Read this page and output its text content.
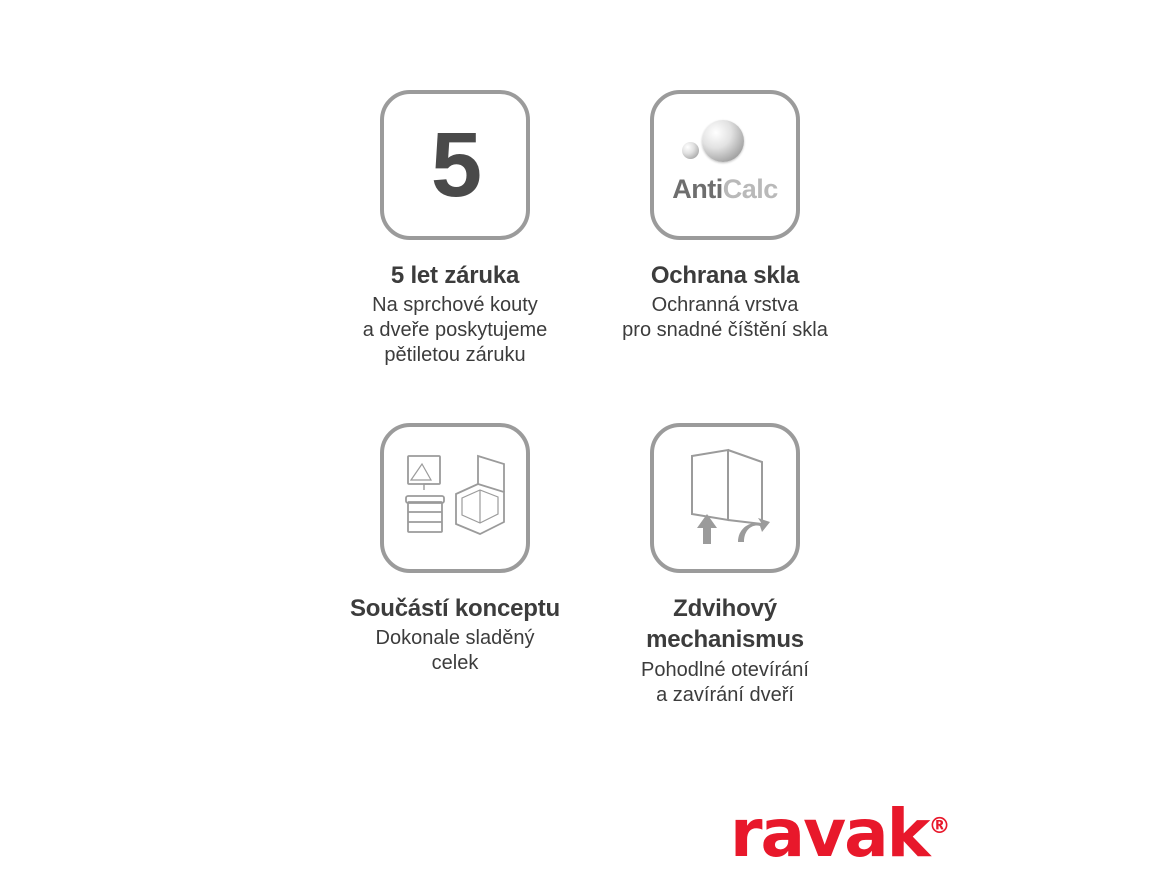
5
5 let záruka
Na sprchové kouty
a dveře poskytujeme
pětiletou záruku
AntiCalc
Ochrana skla
Ochranná vrstva
pro snadné číštění skla
Součástí konceptu
Dokonale sladěný
celek
Zdvihový mechanismus
Pohodlné otevírání
a zavírání dveří
ravak®
